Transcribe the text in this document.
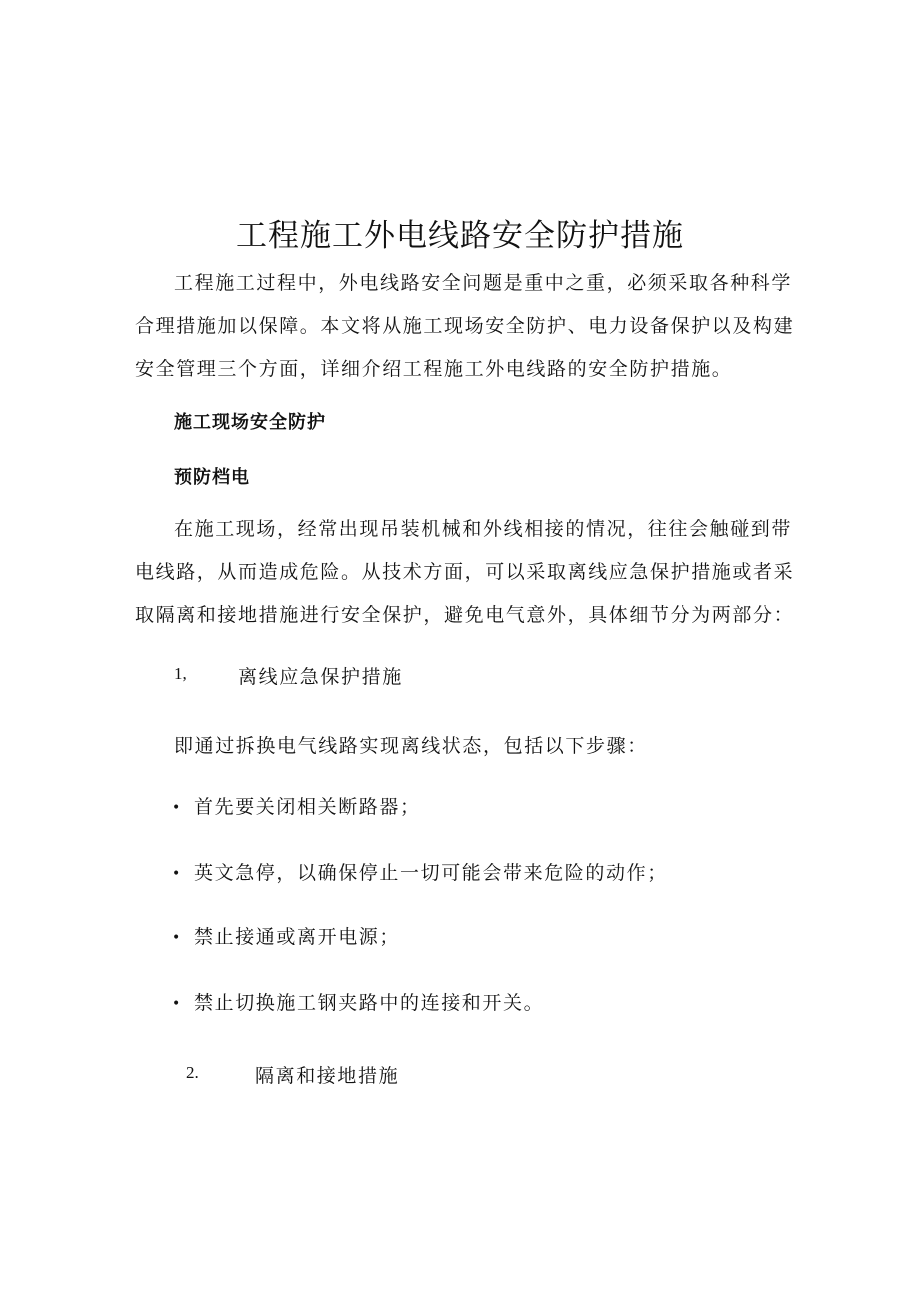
工程施工外电线路安全防护措施
工程施工过程中，外电线路安全问题是重中之重，必须采取各种科学合理措施加以保障。本文将从施工现场安全防护、电力设备保护以及构建安全管理三个方面，详细介绍工程施工外电线路的安全防护措施。
施工现场安全防护
预防档电
在施工现场，经常出现吊装机械和外线相接的情况，往往会触碰到带电线路，从而造成危险。从技术方面，可以采取离线应急保护措施或者采取隔离和接地措施进行安全保护，避免电气意外，具体细节分为两部分：
1,	离线应急保护措施
即通过拆换电气线路实现离线状态，包括以下步骤：
• 首先要关闭相关断路器；
• 英文急停，以确保停止一切可能会带来危险的动作；
• 禁止接通或离开电源；
• 禁止切换施工钢夹路中的连接和开关。
2.	隔离和接地措施
